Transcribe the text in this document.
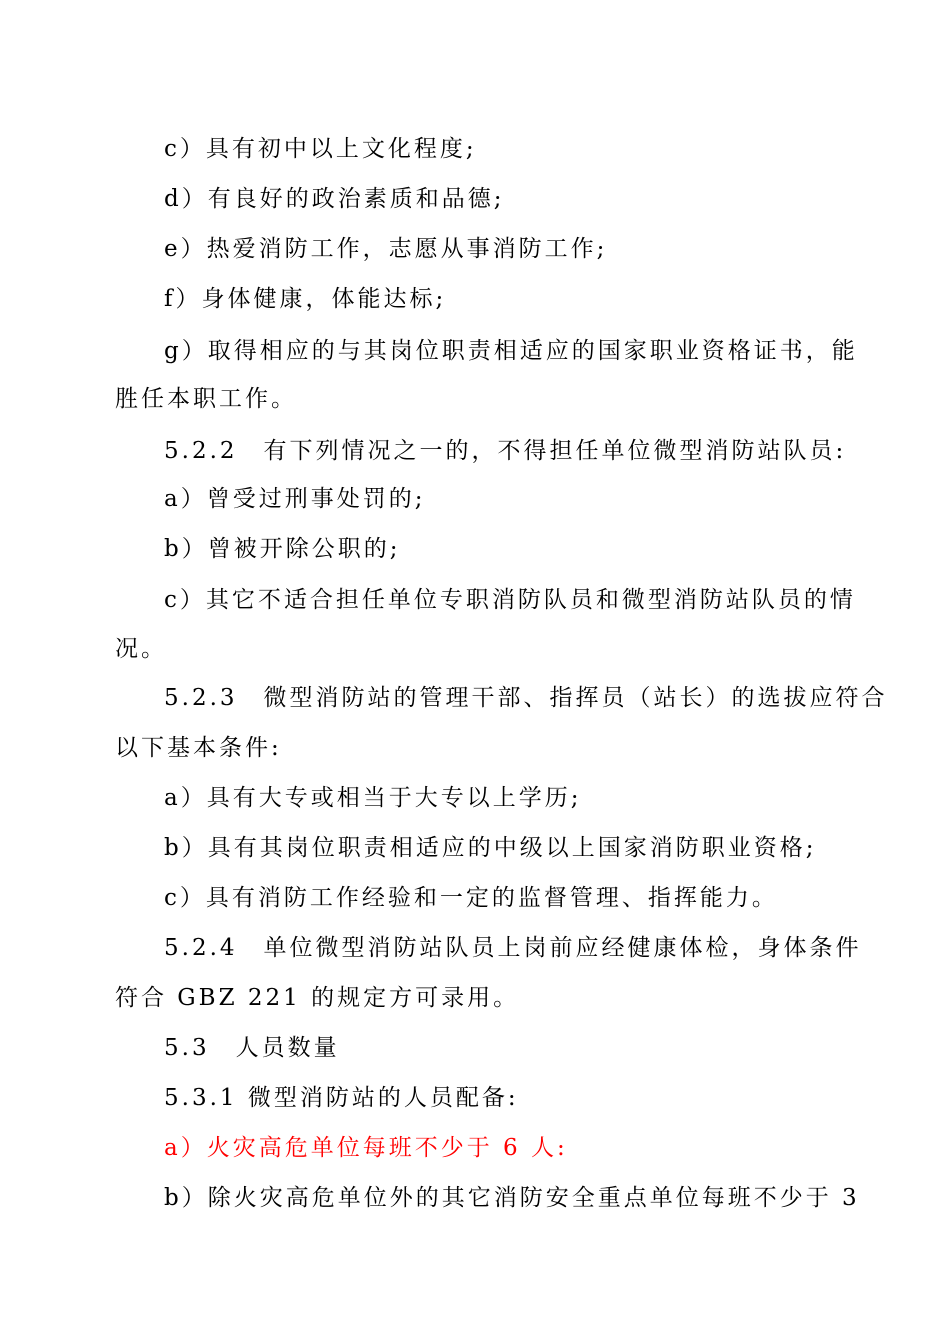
c）具有初中以上文化程度;
d）有良好的政治素质和品德;
e）热爱消防工作，志愿从事消防工作;
f）身体健康，体能达标;
g）取得相应的与其岗位职责相适应的国家职业资格证书，能
胜任本职工作。
5.2.2　有下列情况之一的，不得担任单位微型消防站队员:
a）曾受过刑事处罚的;
b）曾被开除公职的;
c）其它不适合担任单位专职消防队员和微型消防站队员的情
况。
5.2.3　微型消防站的管理干部、指挥员（站长）的选拔应符合
以下基本条件:
a）具有大专或相当于大专以上学历;
b）具有其岗位职责相适应的中级以上国家消防职业资格;
c）具有消防工作经验和一定的监督管理、指挥能力。
5.2.4　单位微型消防站队员上岗前应经健康体检，身体条件
符合 GBZ 221 的规定方可录用。
5.3　人员数量
5.3.1 微型消防站的人员配备:
a）火灾高危单位每班不少于 6 人:
b）除火灾高危单位外的其它消防安全重点单位每班不少于 3
